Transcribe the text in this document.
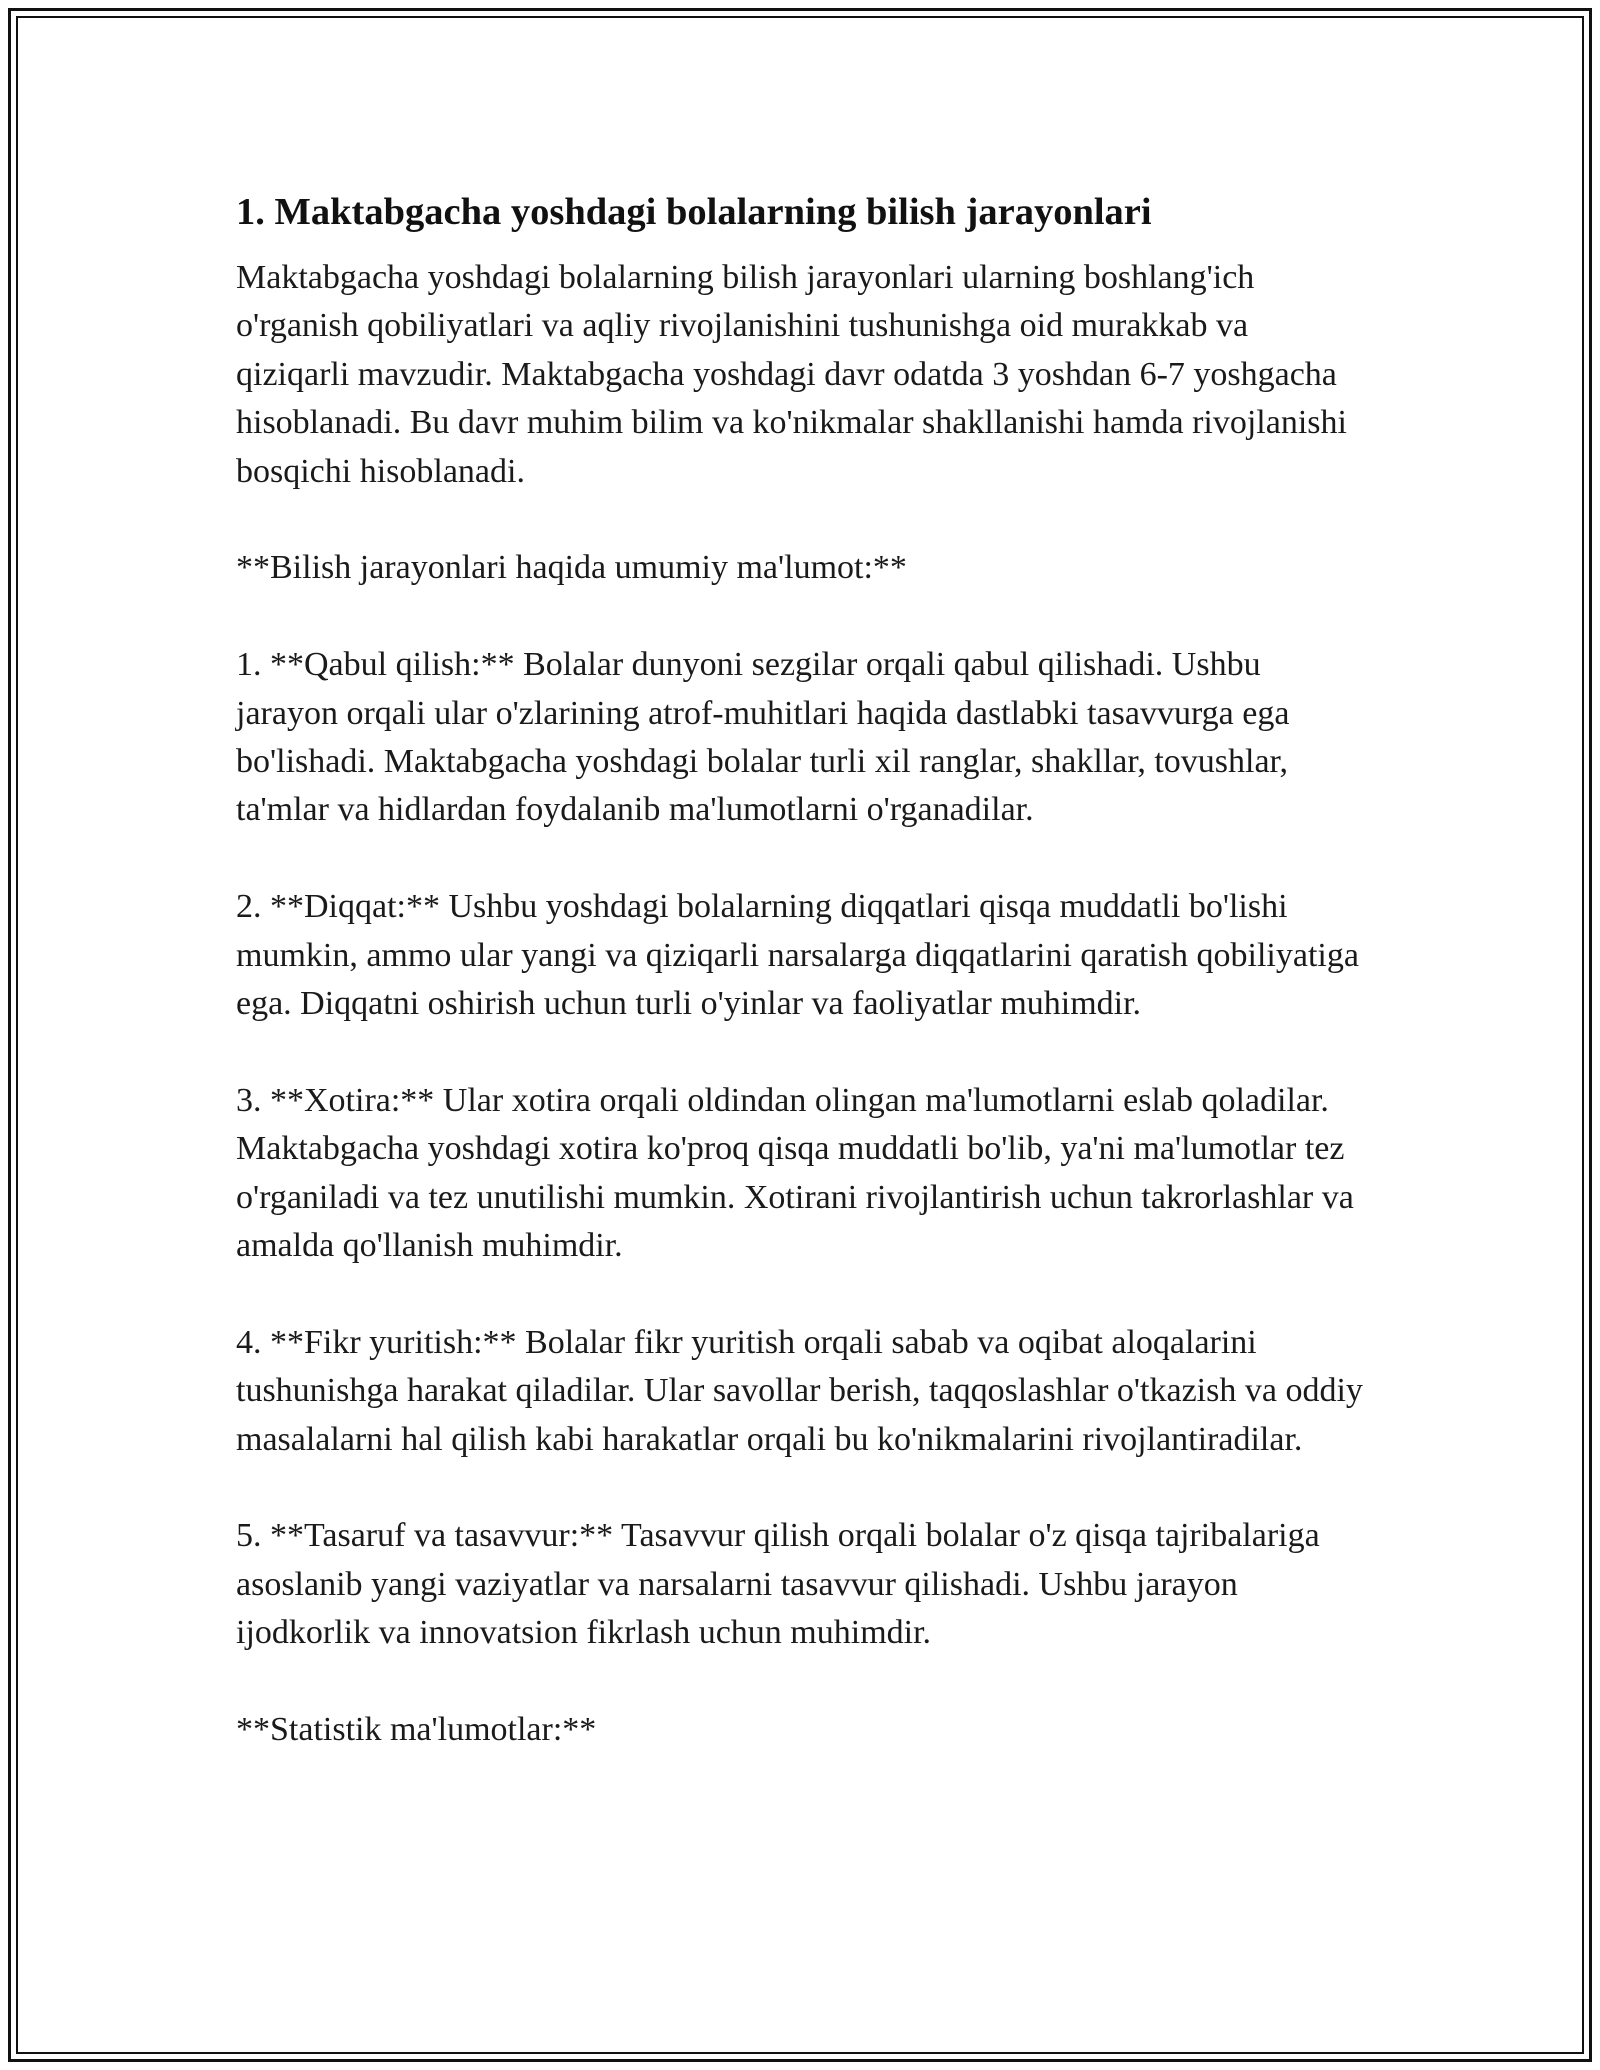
1. Maktabgacha yoshdagi bolalarning bilish jarayonlari

Maktabgacha yoshdagi bolalarning bilish jarayonlari ularning boshlang'ich o'rganish qobiliyatlari va aqliy rivojlanishini tushunishga oid murakkab va qiziqarli mavzudir. Maktabgacha yoshdagi davr odatda 3 yoshdan 6-7 yoshgacha hisoblanadi. Bu davr muhim bilim va ko'nikmalar shakllanishi hamda rivojlanishi bosqichi hisoblanadi.

**Bilish jarayonlari haqida umumiy ma'lumot:**

1. **Qabul qilish:** Bolalar dunyoni sezgilar orqali qabul qilishadi. Ushbu jarayon orqali ular o'zlarining atrof-muhitlari haqida dastlabki tasavvurga ega bo'lishadi. Maktabgacha yoshdagi bolalar turli xil ranglar, shakllar, tovushlar, ta'mlar va hidlardan foydalanib ma'lumotlarni o'rganadilar.

2. **Diqqat:** Ushbu yoshdagi bolalarning diqqatlari qisqa muddatli bo'lishi mumkin, ammo ular yangi va qiziqarli narsalarga diqqatlarini qaratish qobiliyatiga ega. Diqqatni oshirish uchun turli o'yinlar va faoliyatlar muhimdir.

3. **Xotira:** Ular xotira orqali oldindan olingan ma'lumotlarni eslab qoladilar. Maktabgacha yoshdagi xotira ko'proq qisqa muddatli bo'lib, ya'ni ma'lumotlar tez o'rganiladi va tez unutilishi mumkin. Xotirani rivojlantirish uchun takrorlashlar va amalda qo'llanish muhimdir.

4. **Fikr yuritish:** Bolalar fikr yuritish orqali sabab va oqibat aloqalarini tushunishga harakat qiladilar. Ular savollar berish, taqqoslashlar o'tkazish va oddiy masalalarni hal qilish kabi harakatlar orqali bu ko'nikmalarini rivojlantiradilar.

5. **Tasaruf va tasavvur:** Tasavvur qilish orqali bolalar o'z qisqa tajribalariga asoslanib yangi vaziyatlar va narsalarni tasavvur qilishadi. Ushbu jarayon ijodkorlik va innovatsion fikrlash uchun muhimdir.

**Statistik ma'lumotlar:**
